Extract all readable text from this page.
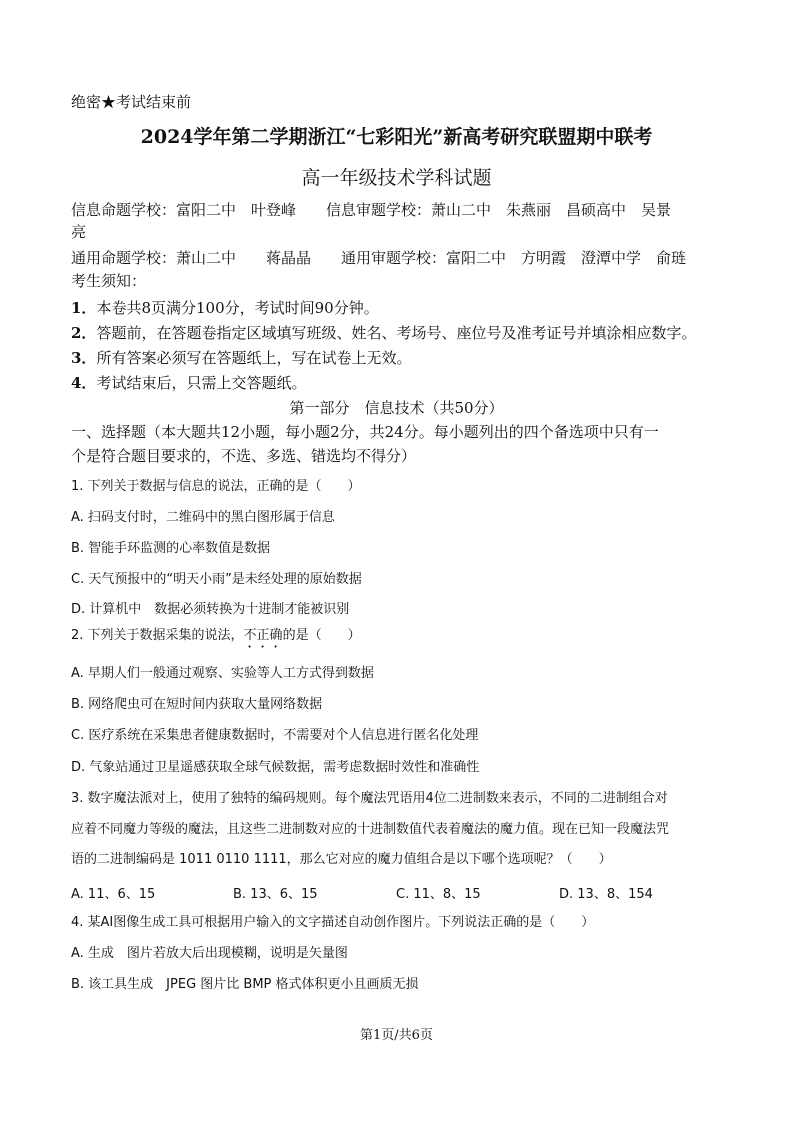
绝密★考试结束前
2024学年第二学期浙江“七彩阳光”新高考研究联盟期中联考
高一年级技术学科试题
信息命题学校：富阳二中　叶登峰　　信息审题学校：萧山二中　朱燕丽　昌硕高中　吴景
亮
通用命题学校：萧山二中　　蒋晶晶　　通用审题学校：富阳二中　方明霞　澄潭中学　俞琏
考生须知：
1．本卷共8页满分100分，考试时间90分钟。
2．答题前，在答题卷指定区域填写班级、姓名、考场号、座位号及准考证号并填涂相应数字。
3．所有答案必须写在答题纸上，写在试卷上无效。
4．考试结束后，只需上交答题纸。
第一部分　信息技术（共50分）
一、选择题（本大题共12小题，每小题2分，共24分。每小题列出的四个备选项中只有一
个是符合题目要求的，不选、多选、错选均不得分）
1. 下列关于数据与信息的说法，正确的是（　　）
A. 扫码支付时，二维码中的黑白图形属于信息
B. 智能手环监测的心率数值是数据
C. 天气预报中的“明天小雨”是未经处理的原始数据
D. 计算机中　数据必须转换为十进制才能被识别
2. 下列关于数据采集的说法，不正确的是（　　）
A. 早期人们一般通过观察、实验等人工方式得到数据
B. 网络爬虫可在短时间内获取大量网络数据
C. 医疗系统在采集患者健康数据时，不需要对个人信息进行匿名化处理
D. 气象站通过卫星遥感获取全球气候数据，需考虑数据时效性和准确性
3. 数字魔法派对上，使用了独特的编码规则。每个魔法咒语用4位二进制数来表示，不同的二进制组合对
应着不同魔力等级的魔法，且这些二进制数对应的十进制数值代表着魔法的魔力值。现在已知一段魔法咒
语的二进制编码是 1011 0110 1111，那么它对应的魔力值组合是以下哪个选项呢？（　　）
A. 11、6、15	B. 13、6、15	C. 11、8、15	D. 13、8、154
4. 某AI图像生成工具可根据用户输入的文字描述自动创作图片。下列说法正确的是（　　）
A. 生成　图片若放大后出现模糊，说明是矢量图
B. 该工具生成　JPEG 图片比 BMP 格式体积更小且画质无损
第1页/共6页
